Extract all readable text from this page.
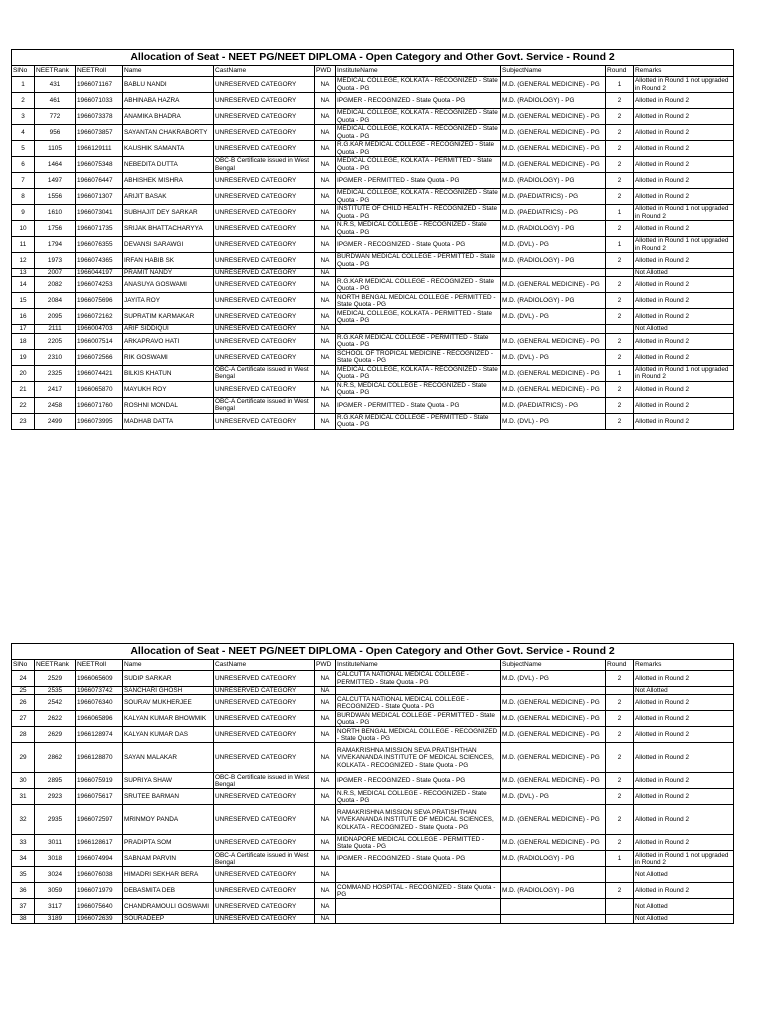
Allocation of Seat - NEET PG/NEET DIPLOMA - Open Category and Other Govt. Service - Round 2									
SlNo	NEETRank	NEETRoll	Name	CastName	PWD	InstituteName	SubjectName	Round	Remarks
1	431	1966071167	BABLU NANDI	UNRESERVED CATEGORY	NA	MEDICAL COLLEGE, KOLKATA - RECOGNIZED - State Quota - PG	M.D. (GENERAL MEDICINE) - PG	1	Allotted in Round 1 not upgraded in Round 2
2	461	1966071033	ABHINABA HAZRA	UNRESERVED CATEGORY	NA	IPGMER - RECOGNIZED - State Quota - PG	M.D. (RADIOLOGY) - PG	2	Allotted in Round 2
3	772	1966073378	ANAMIKA BHADRA	UNRESERVED CATEGORY	NA	MEDICAL COLLEGE, KOLKATA - RECOGNIZED - State Quota - PG	M.D. (GENERAL MEDICINE) - PG	2	Allotted in Round 2
4	956	1966073857	SAYANTAN CHAKRABORTY	UNRESERVED CATEGORY	NA	MEDICAL COLLEGE, KOLKATA - RECOGNIZED - State Quota - PG	M.D. (GENERAL MEDICINE) - PG	2	Allotted in Round 2
5	1105	1966129111	KAUSHIK SAMANTA	UNRESERVED CATEGORY	NA	R.G.KAR MEDICAL COLLEGE - RECOGNIZED - State Quota - PG	M.D. (GENERAL MEDICINE) - PG	2	Allotted in Round 2
6	1464	1966075348	NEBEDITA DUTTA	OBC-B Certificate issued in West Bengal	NA	MEDICAL COLLEGE, KOLKATA - PERMITTED - State Quota - PG	M.D. (GENERAL MEDICINE) - PG	2	Allotted in Round 2
7	1497	1966076447	ABHISHEK MISHRA	UNRESERVED CATEGORY	NA	IPGMER - PERMITTED - State Quota - PG	M.D. (RADIOLOGY) - PG	2	Allotted in Round 2
8	1556	1966071307	ARIJIT BASAK	UNRESERVED CATEGORY	NA	MEDICAL COLLEGE, KOLKATA - RECOGNIZED - State Quota - PG	M.D. (PAEDIATRICS) - PG	2	Allotted in Round 2
9	1610	1966073041	SUBHAJIT DEY SARKAR	UNRESERVED CATEGORY	NA	INSTITUTE OF CHILD HEALTH - RECOGNIZED - State Quota - PG	M.D. (PAEDIATRICS) - PG	1	Allotted in Round 1 not upgraded in Round 2
10	1756	1966071735	SRIJAK BHATTACHARYYA	UNRESERVED CATEGORY	NA	N.R.S, MEDICAL COLLEGE - RECOGNIZED - State Quota - PG	M.D. (RADIOLOGY) - PG	2	Allotted in Round 2
11	1794	1966076355	DEVANSI SARAWGI	UNRESERVED CATEGORY	NA	IPGMER - RECOGNIZED - State Quota - PG	M.D. (DVL) - PG	1	Allotted in Round 1 not upgraded in Round 2
12	1973	1966074365	IRFAN HABIB SK	UNRESERVED CATEGORY	NA	BURDWAN MEDICAL COLLEGE - PERMITTED - State Quota - PG	M.D. (RADIOLOGY) - PG	2	Allotted in Round 2
13	2007	1966044197	PRAMIT NANDY	UNRESERVED CATEGORY	NA				Not Allotted
14	2082	1966074253	ANASUYA GOSWAMI	UNRESERVED CATEGORY	NA	R.G.KAR MEDICAL COLLEGE - RECOGNIZED - State Quota - PG	M.D. (GENERAL MEDICINE) - PG	2	Allotted in Round 2
15	2084	1966075696	JAYITA ROY	UNRESERVED CATEGORY	NA	NORTH BENGAL MEDICAL COLLEGE - PERMITTED - State Quota - PG	M.D. (RADIOLOGY) - PG	2	Allotted in Round 2
16	2095	1966072162	SUPRATIM KARMAKAR	UNRESERVED CATEGORY	NA	MEDICAL COLLEGE, KOLKATA - PERMITTED - State Quota - PG	M.D. (DVL) - PG	2	Allotted in Round 2
17	2111	1966004703	ARIF SIDDIQUI	UNRESERVED CATEGORY	NA				Not Allotted
18	2205	1966007514	ARKAPRAVO HATI	UNRESERVED CATEGORY	NA	R.G.KAR MEDICAL COLLEGE - PERMITTED - State Quota - PG	M.D. (GENERAL MEDICINE) - PG	2	Allotted in Round 2
19	2310	1966072566	RIK GOSWAMI	UNRESERVED CATEGORY	NA	SCHOOL OF TROPICAL MEDICINE - RECOGNIZED - State Quota - PG	M.D. (DVL) - PG	2	Allotted in Round 2
20	2325	1966074421	BILKIS KHATUN	OBC-A Certificate issued in West Bengal	NA	MEDICAL COLLEGE, KOLKATA - RECOGNIZED - State Quota - PG	M.D. (GENERAL MEDICINE) - PG	1	Allotted in Round 1 not upgraded in Round 2
21	2417	1966065870	MAYUKH ROY	UNRESERVED CATEGORY	NA	N.R.S, MEDICAL COLLEGE - RECOGNIZED - State Quota - PG	M.D. (GENERAL MEDICINE) - PG	2	Allotted in Round 2
22	2458	1966071760	ROSHNI MONDAL	OBC-A Certificate issued in West Bengal	NA	IPGMER - PERMITTED - State Quota - PG	M.D. (PAEDIATRICS) - PG	2	Allotted in Round 2
23	2499	1966073995	MADHAB DATTA	UNRESERVED CATEGORY	NA	R.G.KAR MEDICAL COLLEGE - PERMITTED - State Quota - PG	M.D. (DVL) - PG	2	Allotted in Round 2
Allocation of Seat - NEET PG/NEET DIPLOMA - Open Category and Other Govt. Service - Round 2									
SlNo	NEETRank	NEETRoll	Name	CastName	PWD	InstituteName	SubjectName	Round	Remarks
24	2529	1966065609	SUDIP SARKAR	UNRESERVED CATEGORY	NA	CALCUTTA NATIONAL MEDICAL COLLEGE - PERMITTED - State Quota - PG	M.D. (DVL) - PG	2	Allotted in Round 2
25	2535	1966073742	SANCHARI GHOSH	UNRESERVED CATEGORY	NA				Not Allotted
26	2542	1966076340	SOURAV MUKHERJEE	UNRESERVED CATEGORY	NA	CALCUTTA NATIONAL MEDICAL COLLEGE - RECOGNIZED - State Quota - PG	M.D. (GENERAL MEDICINE) - PG	2	Allotted in Round 2
27	2622	1966065896	KALYAN KUMAR BHOWMIK	UNRESERVED CATEGORY	NA	BURDWAN MEDICAL COLLEGE - PERMITTED - State Quota - PG	M.D. (GENERAL MEDICINE) - PG	2	Allotted in Round 2
28	2629	1966128974	KALYAN KUMAR DAS	UNRESERVED CATEGORY	NA	NORTH BENGAL MEDICAL COLLEGE - RECOGNIZED - State Quota - PG	M.D. (GENERAL MEDICINE) - PG	2	Allotted in Round 2
29	2862	1966128870	SAYAN MALAKAR	UNRESERVED CATEGORY	NA	RAMAKRISHNA MISSION SEVA PRATISHTHAN VIVEKANANDA INSTITUTE OF MEDICAL SCIENCES, KOLKATA - RECOGNIZED - State Quota - PG	M.D. (GENERAL MEDICINE) - PG	2	Allotted in Round 2
30	2895	1966075919	SUPRIYA SHAW	OBC-B Certificate issued in West Bengal	NA	IPGMER - RECOGNIZED - State Quota - PG	M.D. (GENERAL MEDICINE) - PG	2	Allotted in Round 2
31	2923	1966075617	SRUTEE BARMAN	UNRESERVED CATEGORY	NA	N.R.S, MEDICAL COLLEGE - RECOGNIZED - State Quota - PG	M.D. (DVL) - PG	2	Allotted in Round 2
32	2935	1966072597	MRINMOY PANDA	UNRESERVED CATEGORY	NA	RAMAKRISHNA MISSION SEVA PRATISHTHAN VIVEKANANDA INSTITUTE OF MEDICAL SCIENCES, KOLKATA - RECOGNIZED - State Quota - PG	M.D. (GENERAL MEDICINE) - PG	2	Allotted in Round 2
33	3011	1966128617	PRADIPTA SOM	UNRESERVED CATEGORY	NA	MIDNAPORE MEDICAL COLLEGE - PERMITTED - State Quota - PG	M.D. (GENERAL MEDICINE) - PG	2	Allotted in Round 2
34	3018	1966074994	SABNAM PARVIN	OBC-A Certificate issued in West Bengal	NA	IPGMER - RECOGNIZED - State Quota - PG	M.D. (RADIOLOGY) - PG	1	Allotted in Round 1 not upgraded in Round 2
35	3024	1966076038	HIMADRI SEKHAR BERA	UNRESERVED CATEGORY	NA				Not Allotted
36	3059	1966071979	DEBASMITA DEB	UNRESERVED CATEGORY	NA	COMMAND HOSPITAL - RECOGNIZED - State Quota - PG	M.D. (RADIOLOGY) - PG	2	Allotted in Round 2
37	3117	1966075640	CHANDRAMOULI GOSWAMI	UNRESERVED CATEGORY	NA				Not Allotted
38	3189	1966072639	SOURADEEP	UNRESERVED CATEGORY	NA				Not Allotted
